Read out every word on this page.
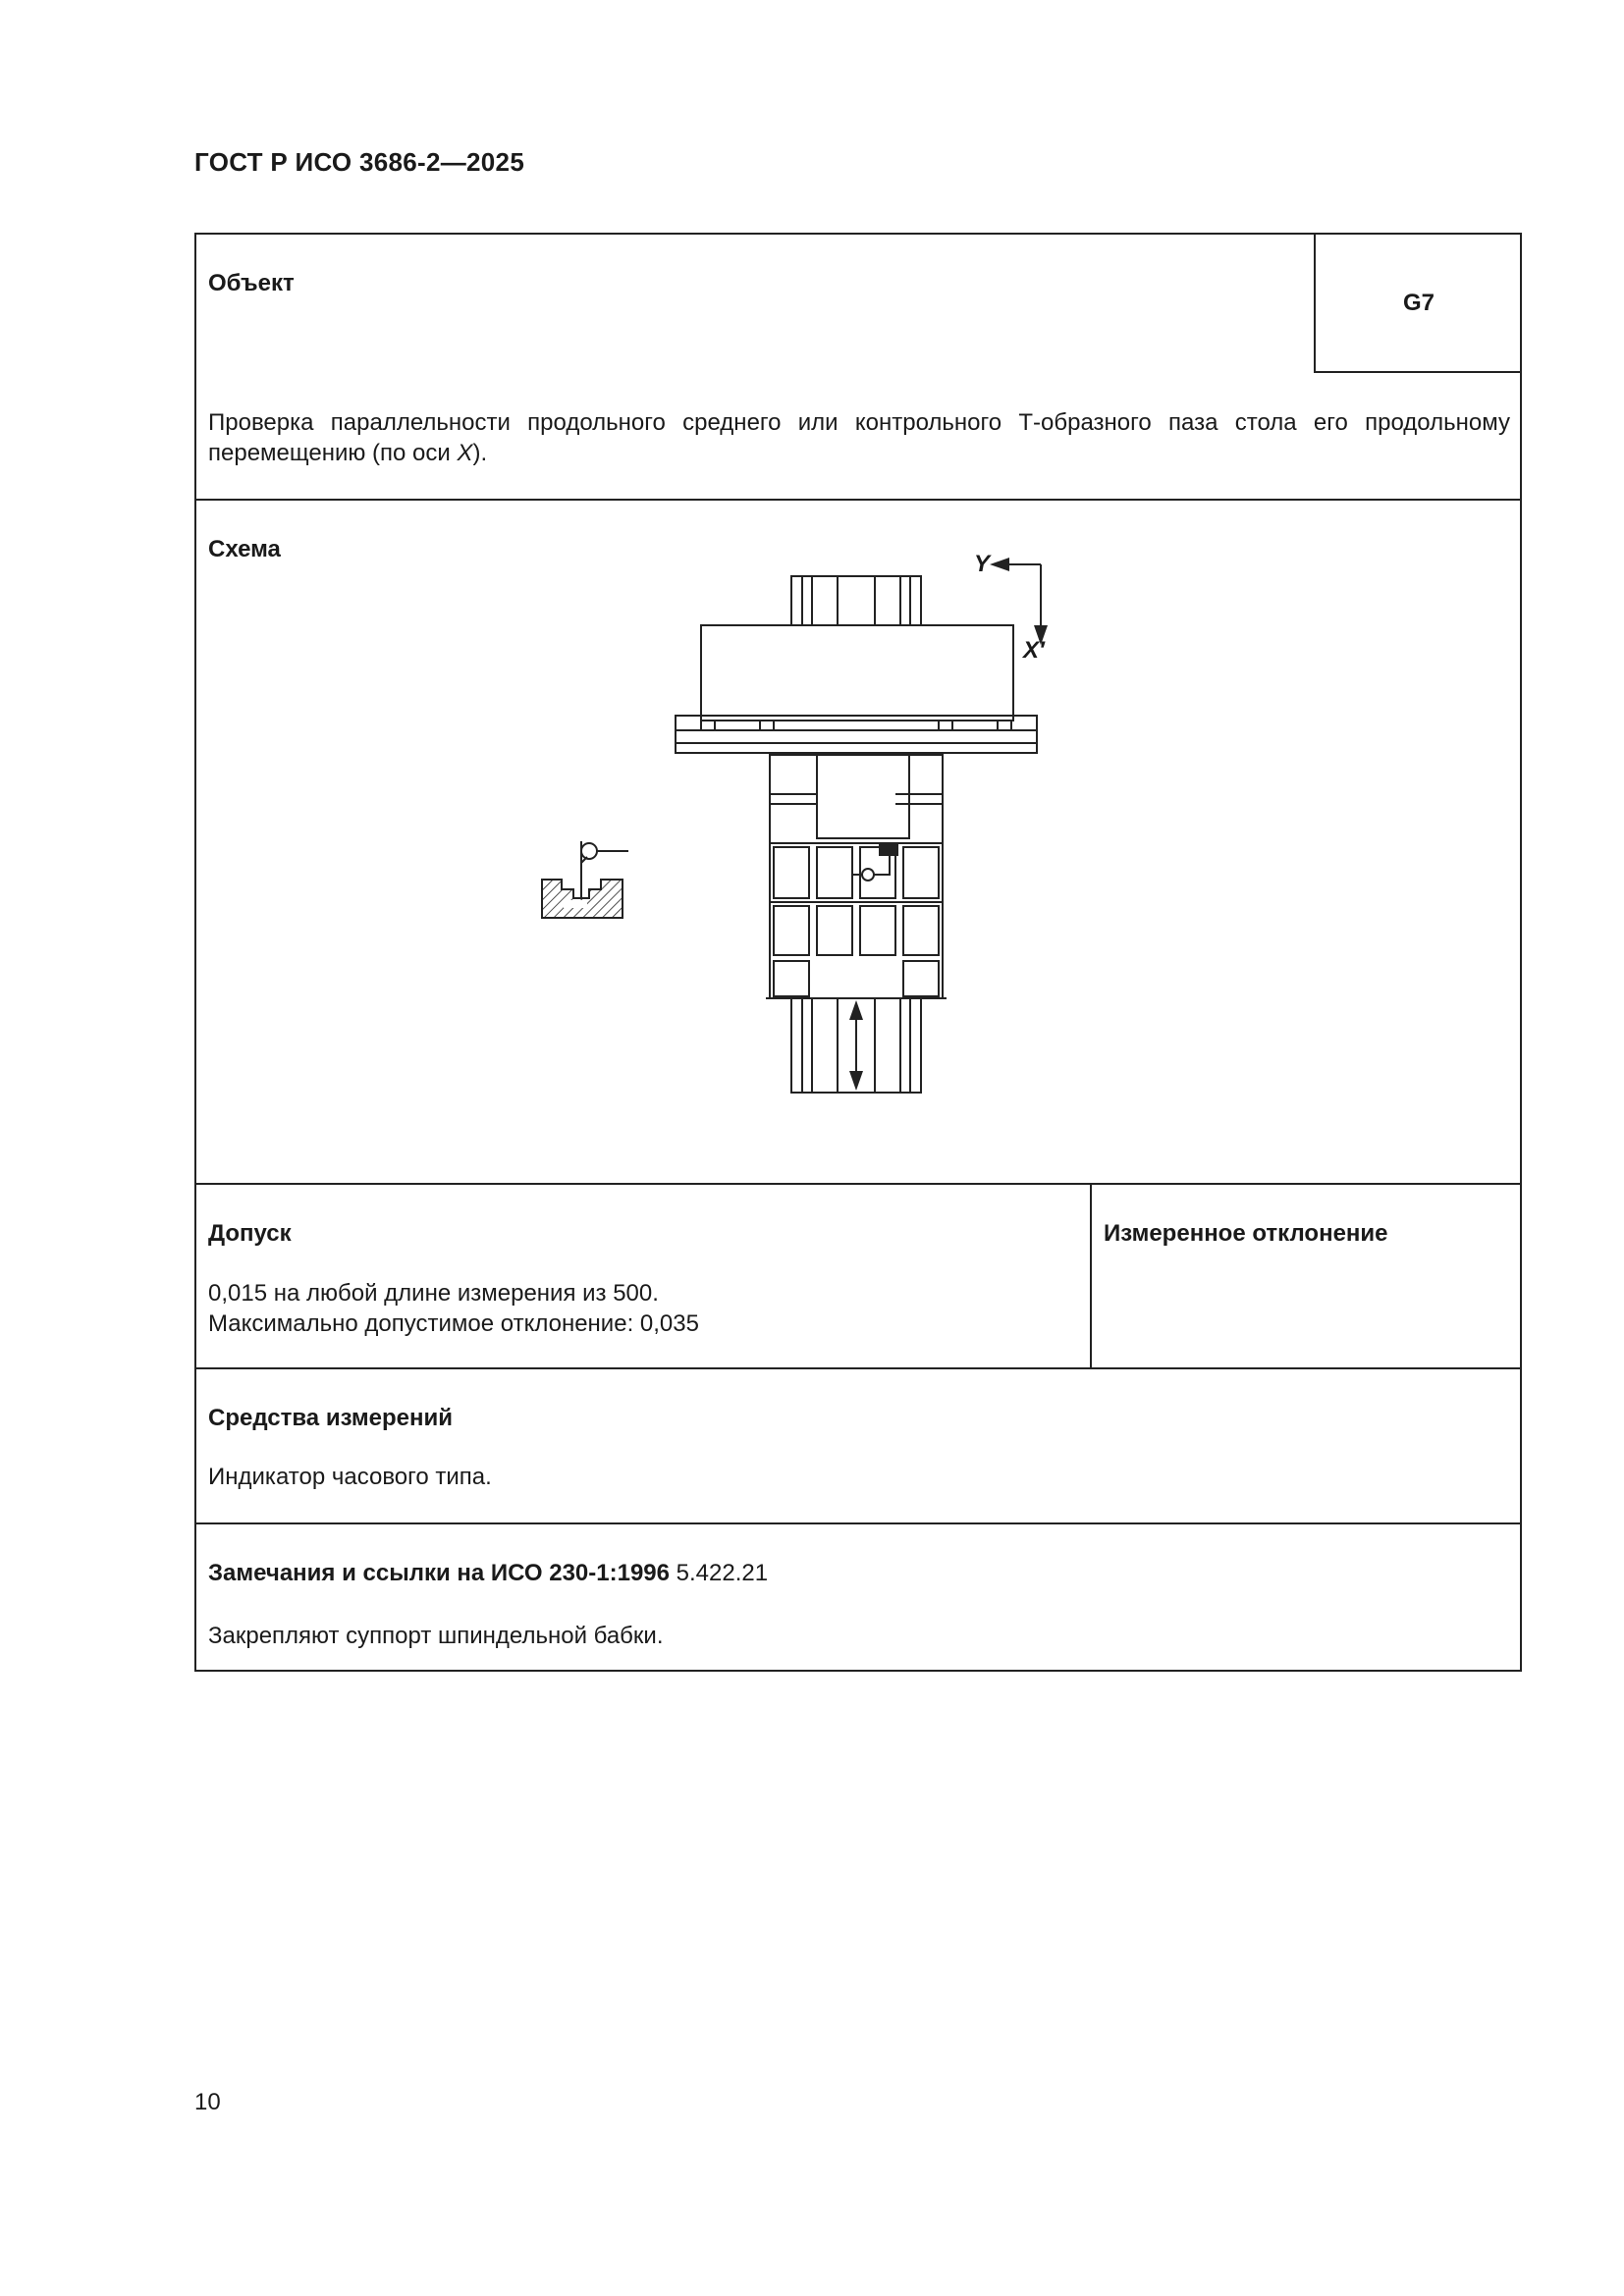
ГОСТ Р ИСО 3686-2—2025
Объект
G7
Проверка параллельности продольного среднего или контрольного Т-образного паза стола его продольному
перемещению (по оси X).
Схема
Y
X′
Допуск
0,015 на любой длине измерения из 500.
Максимально допустимое отклонение: 0,035
Измеренное отклонение
Средства измерений
Индикатор часового типа.
Замечания и ссылки на ИСО 230-1:1996 5.422.21
Закрепляют суппорт шпиндельной бабки.
10
